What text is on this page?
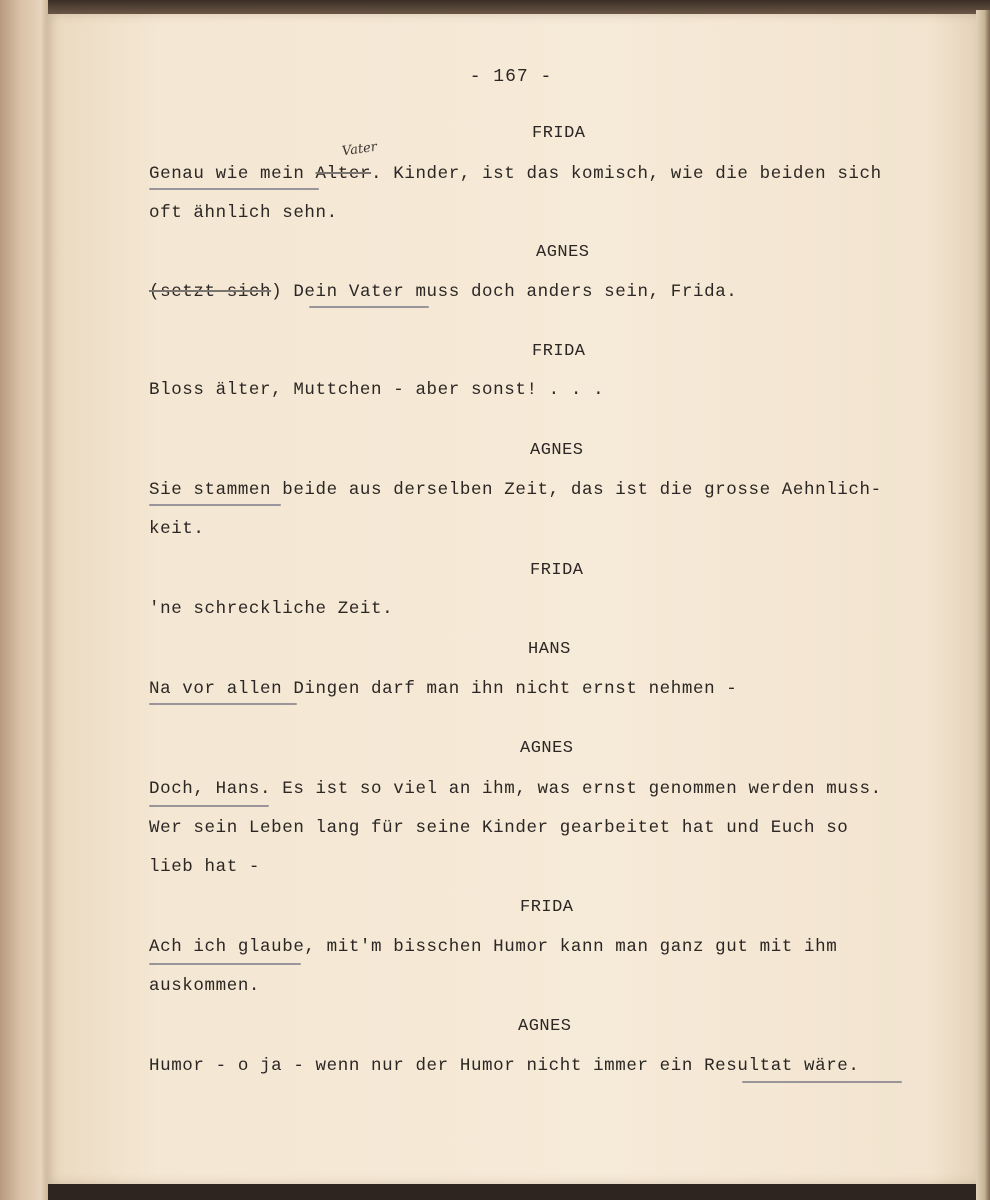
- 167 -
FRIDA
Vater
Genau wie mein Alter. Kinder, ist das komisch, wie die beiden sich
oft ähnlich sehn.
AGNES
(setzt sich) Dein Vater muss doch anders sein, Frida.
FRIDA
Bloss älter, Muttchen - aber sonst! . . .
AGNES
Sie stammen beide aus derselben Zeit, das ist die grosse Aehnlich-
keit.
FRIDA
'ne schreckliche Zeit.
HANS
Na vor allen Dingen darf man ihn nicht ernst nehmen -
AGNES
Doch, Hans. Es ist so viel an ihm, was ernst genommen werden muss.
Wer sein Leben lang für seine Kinder gearbeitet hat und Euch so
lieb hat -
FRIDA
Ach ich glaube, mit'm bisschen Humor kann man ganz gut mit ihm
auskommen.
AGNES
Humor - o ja - wenn nur der Humor nicht immer ein Resultat wäre.
